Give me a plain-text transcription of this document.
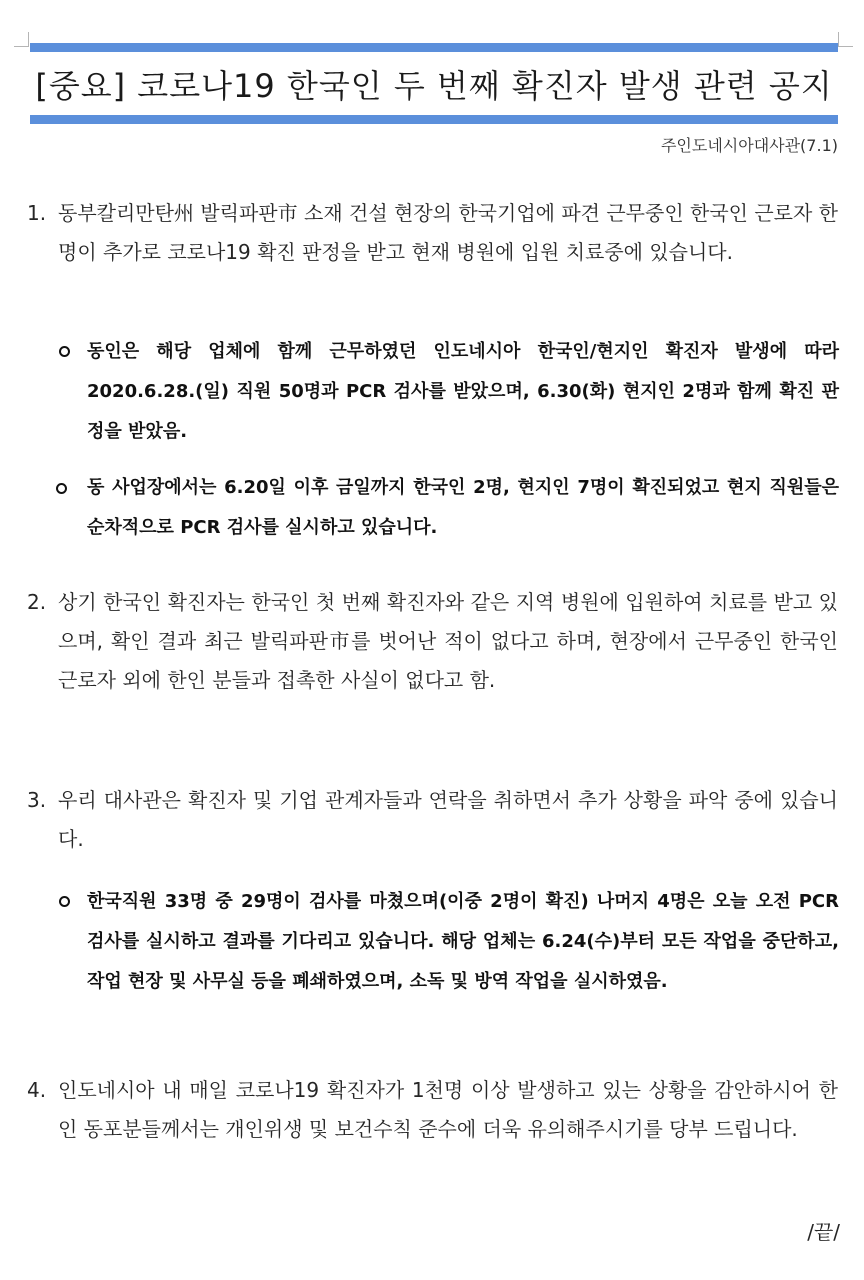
[중요] 코로나19 한국인 두 번째 확진자 발생 관련 공지
주인도네시아대사관(7.1)
1. 동부칼리만탄州 발릭파판市 소재 건설 현장의 한국기업에 파견 근무중인 한국인 근로자 한 명이 추가로 코로나19 확진 판정을 받고 현재 병원에 입원 치료중에 있습니다.
동인은 해당 업체에 함께 근무하였던 인도네시아 한국인/현지인 확진자 발생에 따라 2020.6.28.(일) 직원 50명과 PCR 검사를 받았으며, 6.30(화) 현지인 2명과 함께 확진 판정을 받았음.
동 사업장에서는 6.20일 이후 금일까지 한국인 2명, 현지인 7명이 확진되었고 현지 직원들은 순차적으로 PCR 검사를 실시하고 있습니다.
2. 상기 한국인 확진자는 한국인 첫 번째 확진자와 같은 지역 병원에 입원하여 치료를 받고 있으며, 확인 결과 최근 발릭파판市를 벗어난 적이 없다고 하며, 현장에서 근무중인 한국인 근로자 외에 한인 분들과 접촉한 사실이 없다고 함.
3. 우리 대사관은 확진자 및 기업 관계자들과 연락을 취하면서 추가 상황을 파악 중에 있습니다.
한국직원 33명 중 29명이 검사를 마쳤으며(이중 2명이 확진) 나머지 4명은 오늘 오전 PCR 검사를 실시하고 결과를 기다리고 있습니다. 해당 업체는 6.24(수)부터 모든 작업을 중단하고, 작업 현장 및 사무실 등을 폐쇄하였으며, 소독 및 방역 작업을 실시하였음.
4. 인도네시아 내 매일 코로나19 확진자가 1천명 이상 발생하고 있는 상황을 감안하시어 한인 동포분들께서는 개인위생 및 보건수칙 준수에 더욱 유의해주시기를 당부 드립니다.
/끝/
